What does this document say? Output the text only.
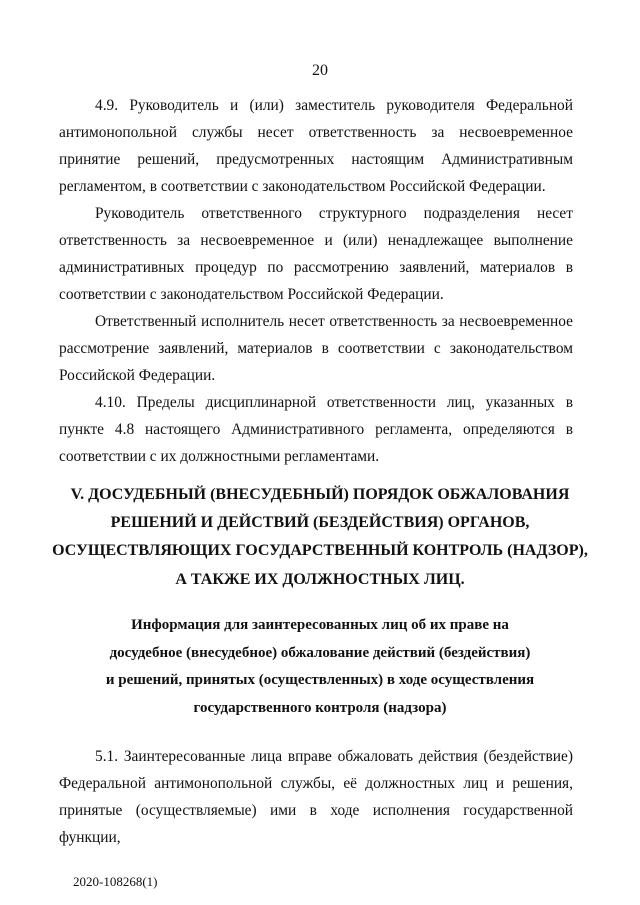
20
4.9. Руководитель и (или) заместитель руководителя Федеральной антимонопольной службы несет ответственность за несвоевременное принятие решений, предусмотренных настоящим Административным регламентом, в соответствии с законодательством Российской Федерации.
Руководитель ответственного структурного подразделения несет ответственность за несвоевременное и (или) ненадлежащее выполнение административных процедур по рассмотрению заявлений, материалов в соответствии с законодательством Российской Федерации.
Ответственный исполнитель несет ответственность за несвоевременное рассмотрение заявлений, материалов в соответствии с законодательством Российской Федерации.
4.10. Пределы дисциплинарной ответственности лиц, указанных в пункте 4.8 настоящего Административного регламента, определяются в соответствии с их должностными регламентами.
V. ДОСУДЕБНЫЙ (ВНЕСУДЕБНЫЙ) ПОРЯДОК ОБЖАЛОВАНИЯ
РЕШЕНИЙ И ДЕЙСТВИЙ (БЕЗДЕЙСТВИЯ) ОРГАНОВ,
ОСУЩЕСТВЛЯЮЩИХ ГОСУДАРСТВЕННЫЙ КОНТРОЛЬ (НАДЗОР),
А ТАКЖЕ ИХ ДОЛЖНОСТНЫХ ЛИЦ.
Информация для заинтересованных лиц об их праве на
досудебное (внесудебное) обжалование действий (бездействия)
и решений, принятых (осуществленных) в ходе осуществления
государственного контроля (надзора)
5.1. Заинтересованные лица вправе обжаловать действия (бездействие) Федеральной антимонопольной службы, её должностных лиц и решения, принятые (осуществляемые) ими в ходе исполнения государственной функции,
2020-108268(1)
